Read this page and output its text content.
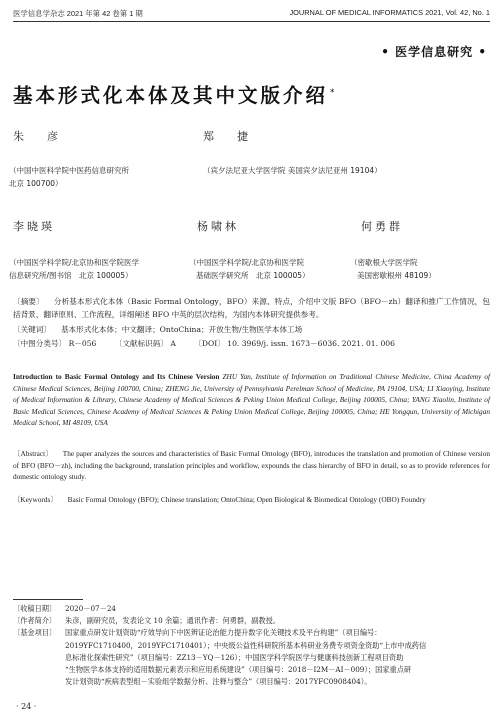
医学信息学杂志 2021 年第 42 卷第 1 期	JOURNAL OF MEDICAL INFORMATICS 2021, Vol. 42, No. 1
• 医学信息研究 •
基本形式化本体及其中文版介绍 *
朱　彦	郑　捷
（中国中医科学院中医药信息研究所
北京 100700）
（宾夕法尼亚大学医学院 美国宾夕法尼亚州 19104）
李晓瑛	杨啸林	何勇群
（中国医学科学院/北京协和医学院医学
信息研究所/图书馆　北京 100005）
（中国医学科学院/北京协和医学院
基础医学研究所　北京 100005）
（密歇根大学医学院
美国密歇根州 48109）
〔摘要〕 分析基本形式化本体（Basic Formal Ontology，BFO）来源、特点，介绍中文版 BFO（BFO－zh）翻译和推广工作情况，包括背景、翻译原则、工作流程，详细阐述 BFO 中英的层次结构，为国内本体研究提供参考。
〔关键词〕 基本形式化本体；中文翻译；OntoChina；开放生物/生物医学本体工场
〔中图分类号〕 R－056 〔文献标识码〕 A 〔DOI〕 10. 3969/j. issn. 1673－6036. 2021. 01. 006
Introduction to Basic Formal Ontology and Its Chinese Version ZHU Yan, Institute of Information on Traditional Chinese Medicine, China Academy of Chinese Medical Sciences, Beijing 100700, China; ZHENG Jie, University of Pennsylvania Perelman School of Medicine, PA 19104, USA; LI Xiaoying, Institute of Medical Information & Library, Chinese Academy of Medical Sciences & Peking Union Medical College, Beijing 100005, China; YANG Xiaolin, Institute of Basic Medical Sciences, Chinese Academy of Medical Sciences & Peking Union Medical College, Beijing 100005, China; HE Yongqun, University of Michigan Medical School, MI 48109, USA
〔Abstract〕 The paper analyzes the sources and characteristics of Basic Formal Ontology (BFO), introduces the translation and promotion of Chinese version of BFO (BFO－zh), including the background, translation principles and workflow, expounds the class hierarchy of BFO in detail, so as to provide references for domestic ontology study.
〔Keywords〕 Basic Formal Ontology (BFO); Chinese translation; OntoChina; Open Biological & Biomedical Ontology (OBO) Foundry
〔收稿日期〕 2020－07－24
〔作者简介〕 朱彦，副研究员，发表论文 10 余篇；通讯作者：何勇群，副教授。
〔基金项目〕 国家重点研发计划资助“疗效导向下中医辨证论治能力提升数字化关键技术及平台构建”（项目编号：
2019YFC1710400，2019YFC1710401）；中央级公益性科研院所基本科研业务费专项资金资助“上市中成药信
息标准化探索性研究”（项目编号：ZZ13－YQ－126）；中国医学科学院医学与健康科技创新工程项目资助
“生物医学本体支持的适用数据元素表示和应用系统建设”（项目编号：2018－I2M－AI－009）；国家重点研
发计划资助“疾病表型组－实验组学数据分析、注释与整合”（项目编号：2017YFC0908404）。
· 24 ·
